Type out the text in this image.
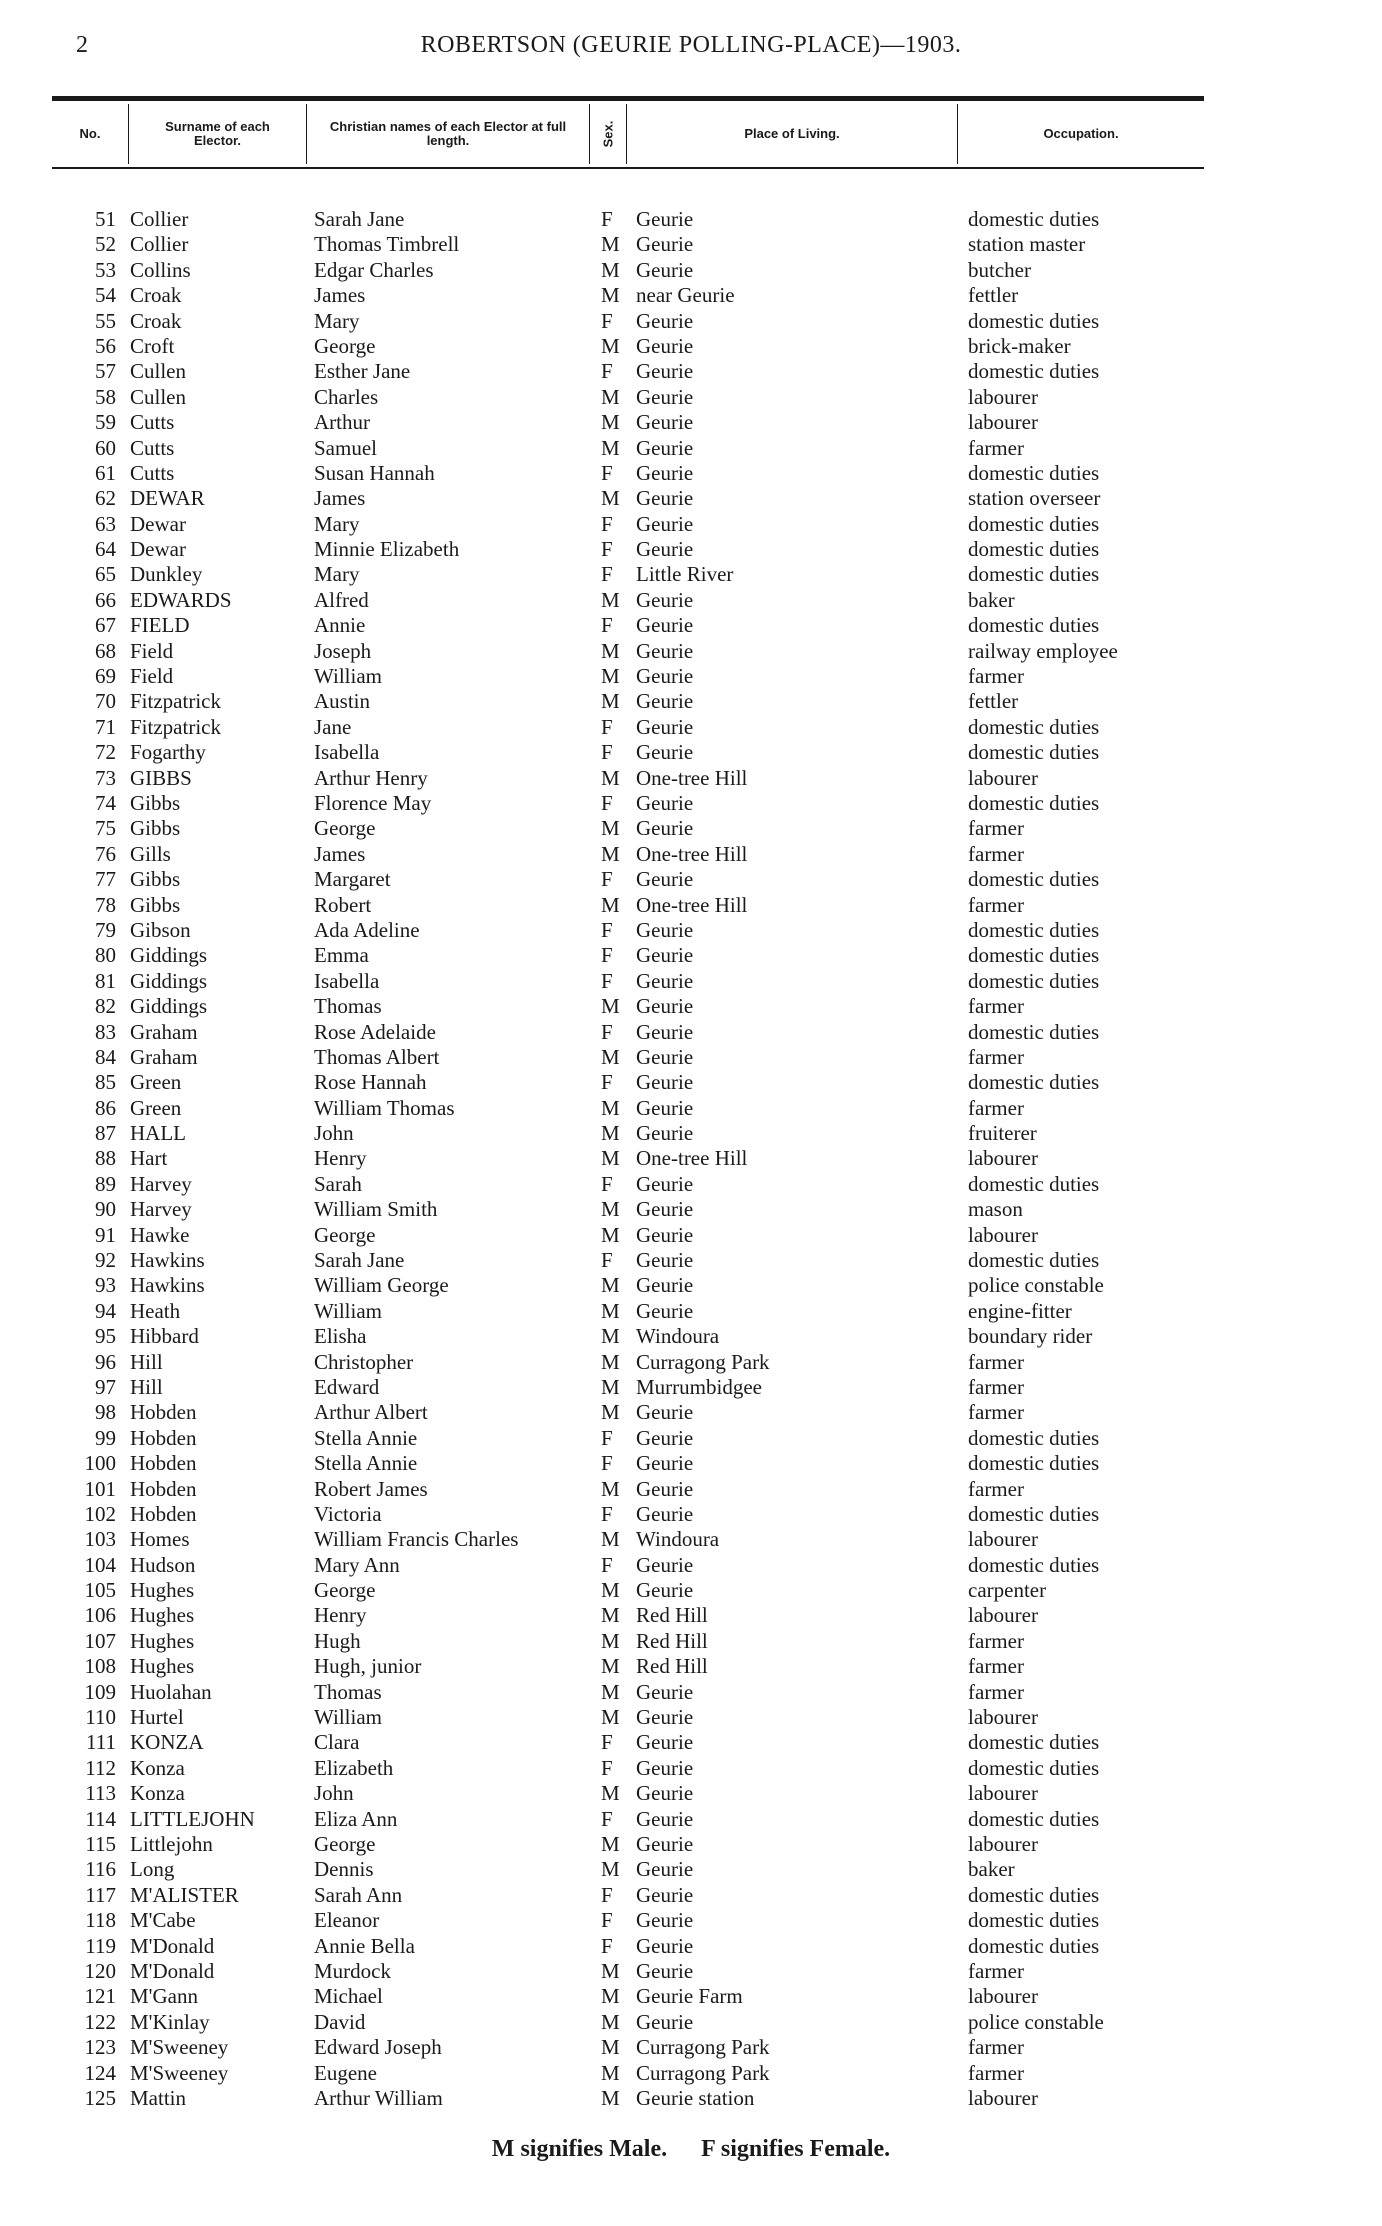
2	ROBERTSON (GEURIE POLLING-PLACE)—1903.
No.	Surname of each Elector.
Christian names of each Elector at full length.	Sex.	Place of Living.	Occupation.
51 Collier	Sarah Jane	F	Geurie	domestic duties
52 Collier	Thomas Timbrell	M Geurie	station master
53 Collins	Edgar Charles	M Geurie	butcher
54 Croak	James	M near Geurie	fettler
55 Croak	Mary	F	Geurie	domestic duties
56 Croft	George	M Geurie	brick-maker
57 Cullen	Esther Jane	F	Geurie	domestic duties
58 Cullen	Charles	M Geurie	labourer
59 Cutts	Arthur	M Geurie	labourer
60 Cutts	Samuel	M Geurie	farmer
61 Cutts	Susan Hannah	F	Geurie	domestic duties
62 DEWAR	James	M Geurie	station overseer
63 Dewar	Mary	F	Geurie	domestic duties
64 Dewar	Minnie Elizabeth	F	Geurie	domestic duties
65 Dunkley	Mary	F	Little River	domestic duties
66 EDWARDS	Alfred	M Geurie	baker
67 FIELD	Annie	F	Geurie	domestic duties
68 Field	Joseph	M Geurie	railway employee
69 Field	William	M Geurie	farmer
70 Fitzpatrick	Austin	M Geurie	fettler
71 Fitzpatrick	Jane	F	Geurie	domestic duties
72 Fogarthy	Isabella	F	Geurie	domestic duties
73 GIBBS	Arthur Henry	M One-tree Hill	labourer
74 Gibbs	Florence May	F	Geurie	domestic duties
75 Gibbs	George	M Geurie	farmer
76 Gills	James	M One-tree Hill	farmer
77 Gibbs	Margaret	F	Geurie	domestic duties
78 Gibbs	Robert	M One-tree Hill	farmer
79 Gibson	Ada Adeline	F	Geurie	domestic duties
80 Giddings	Emma	F	Geurie	domestic duties
81 Giddings	Isabella	F	Geurie	domestic duties
82 Giddings	Thomas	M Geurie	farmer
83 Graham	Rose Adelaide	F	Geurie	domestic duties
84 Graham	Thomas Albert	M Geurie	farmer
85 Green	Rose Hannah	F	Geurie	domestic duties
86 Green	William Thomas	M Geurie	farmer
87 HALL	John	M Geurie	fruiterer
88 Hart	Henry	M One-tree Hill	labourer
89 Harvey	Sarah	F	Geurie	domestic duties
90 Harvey	William Smith	M Geurie	mason
91 Hawke	George	M Geurie	labourer
92 Hawkins	Sarah Jane	F	Geurie	domestic duties
93 Hawkins	William George	M Geurie	police constable
94 Heath	William	M Geurie	engine-fitter
95 Hibbard	Elisha	M Windoura	boundary rider
96 Hill	Christopher	M Curragong Park	farmer
97 Hill	Edward	M Murrumbidgee	farmer
98 Hobden	Arthur Albert	M Geurie	farmer
99 Hobden	Stella Annie	F	Geurie	domestic duties
100 Hobden	Stella Annie	F	Geurie	domestic duties
101 Hobden	Robert James	M Geurie	farmer
102 Hobden	Victoria	F	Geurie	domestic duties
103 Homes	William Francis Charles	M Windoura	labourer
104 Hudson	Mary Ann	F	Geurie	domestic duties
105 Hughes	George	M Geurie	carpenter
106 Hughes	Henry	M Red Hill	labourer
107 Hughes	Hugh	M Red Hill	farmer
108 Hughes	Hugh, junior	M Red Hill	farmer
109 Huolahan	Thomas	M Geurie	farmer
110 Hurtel	William	M Geurie	labourer
111 KONZA	Clara	F	Geurie	domestic duties
112 Konza	Elizabeth	F	Geurie	domestic duties
113 Konza	John	M Geurie	labourer
114 LITTLEJOHN	Eliza Ann	F	Geurie	domestic duties
115 Littlejohn	George	M Geurie	labourer
116 Long	Dennis	M Geurie	baker
117 M'ALISTER	Sarah Ann	F	Geurie	domestic duties
118 M'Cabe	Eleanor	F	Geurie	domestic duties
119 M'Donald	Annie Bella	F	Geurie	domestic duties
120 M'Donald	Murdock	M Geurie	farmer
121 M'Gann	Michael	M Geurie Farm	labourer
122 M'Kinlay	David	M Geurie	police constable
123 M'Sweeney	Edward Joseph	M Curragong Park	farmer
124 M'Sweeney	Eugene	M Curragong Park	farmer
125 Mattin	Arthur William	M Geurie station	labourer
M signifies Male. F signifies Female.
